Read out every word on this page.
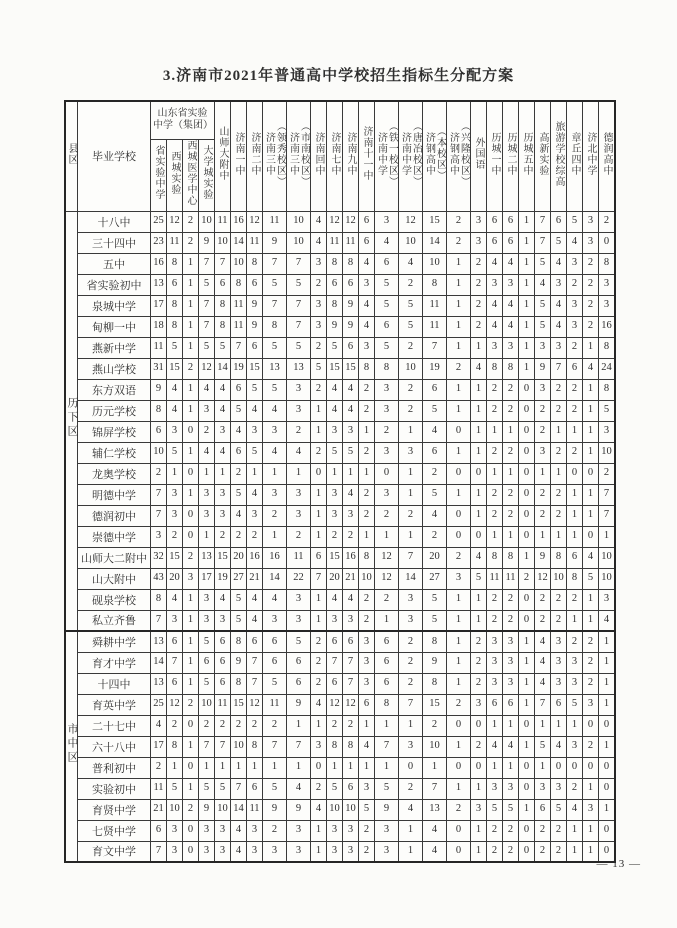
3.济南市2021年普通高中学校招生指标生分配方案
县区	毕业学校	山东省实验中学（集团）				山师大附中	济南一中	济南二中	济南三中 （领秀校区）	济南三中 （市南校区）	济南回中	济南七中	济南九中	济南十一中	济南中学 （铁一校区）	济南中学 （唐冶校区）	济钢高中 （本校区）	济钢高中 （兴隆校区）	外国语	历城一中	历城二中	历城五中	高新实验	旅游学校综高	章丘四中	济北中学	德润高中

		省实验中学	西城实验	西城医学中心	大学城实验																						

历下区	十八中	25	12	2	10	11	16	12	11	10	4	12	12	6	3	12	15	2	3	6	6	1	7	6	5	3	2
	三十四中	23	11	2	9	10	14	11	9	10	4	11	11	6	4	10	14	2	3	6	6	1	7	5	4	3	0
	五中	16	8	1	7	7	10	8	7	7	3	8	8	4	6	4	10	1	2	4	4	1	5	4	3	2	8
	省实验初中	13	6	1	5	6	8	6	5	5	2	6	6	3	5	2	8	1	2	3	3	1	4	3	2	2	3
	泉城中学	17	8	1	7	8	11	9	7	7	3	8	9	4	5	5	11	1	2	4	4	1	5	4	3	2	3
	甸柳一中	18	8	1	7	8	11	9	8	7	3	9	9	4	6	5	11	1	2	4	4	1	5	4	3	2	16
	燕新中学	11	5	1	5	5	7	6	5	5	2	5	6	3	5	2	7	1	1	3	3	1	3	3	2	1	8
	燕山学校	31	15	2	12	14	19	15	13	13	5	15	15	8	8	10	19	2	4	8	8	1	9	7	6	4	24
	东方双语	9	4	1	4	4	6	5	5	3	2	4	4	2	3	2	6	1	1	2	2	0	3	2	2	1	8
	历元学校	8	4	1	3	4	5	4	4	3	1	4	4	2	3	2	5	1	1	2	2	0	2	2	2	1	5
	锦屏学校	6	3	0	2	3	4	3	3	2	1	3	3	1	2	1	4	0	1	1	1	0	2	1	1	1	3
	辅仁学校	10	5	1	4	4	6	5	4	4	2	5	5	2	3	3	6	1	1	2	2	0	3	2	2	1	10
	龙奥学校	2	1	0	1	1	2	1	1	1	0	1	1	1	0	1	2	0	0	1	1	0	1	1	0	0	2
	明德中学	7	3	1	3	3	5	4	3	3	1	3	4	2	3	1	5	1	1	2	2	0	2	2	1	1	7
	德润初中	7	3	0	3	3	4	3	2	3	1	3	3	2	2	2	4	0	1	2	2	0	2	2	1	1	7
	崇德中学	3	2	0	1	2	2	2	1	2	1	2	2	1	1	1	2	0	0	1	1	0	1	1	1	0	1
	山师大二附中	32	15	2	13	15	20	16	16	11	6	15	16	8	12	7	20	2	4	8	8	1	9	8	6	4	10
	山大附中	43	20	3	17	19	27	21	14	22	7	20	21	10	12	14	27	3	5	11	11	2	12	10	8	5	10
	砚泉学校	8	4	1	3	4	5	4	4	3	1	4	4	2	2	3	5	1	1	2	2	0	2	2	2	1	3
	私立齐鲁	7	3	1	3	3	5	4	3	3	1	3	3	2	1	3	5	1	1	2	2	0	2	2	1	1	4

市中区	舜耕中学	13	6	1	5	6	8	6	6	5	2	6	6	3	6	2	8	1	2	3	3	1	4	3	2	2	1
	育才中学	14	7	1	6	6	9	7	6	6	2	7	7	3	6	2	9	1	2	3	3	1	4	3	3	2	1
	十四中	13	6	1	5	6	8	7	5	6	2	6	7	3	6	2	8	1	2	3	3	1	4	3	3	2	1
	育英中学	25	12	2	10	11	15	12	11	9	4	12	12	6	8	7	15	2	3	6	6	1	7	6	5	3	1
	二十七中	4	2	0	2	2	2	2	2	1	1	2	2	1	1	1	2	0	0	1	1	0	1	1	1	0	0
	六十八中	17	8	1	7	7	10	8	7	7	3	8	8	4	7	3	10	1	2	4	4	1	5	4	3	2	1
	普利初中	2	1	0	1	1	1	1	1	1	0	1	1	1	1	0	1	0	0	1	1	0	1	0	0	0	0
	实验初中	11	5	1	5	5	7	6	5	4	2	5	6	3	5	2	7	1	1	3	3	0	3	3	2	1	0
	育贤中学	21	10	2	9	10	14	11	9	9	4	10	10	5	9	4	13	2	3	5	5	1	6	5	4	3	1
	七贤中学	6	3	0	3	3	4	3	2	3	1	3	3	2	3	1	4	0	1	2	2	0	2	2	1	1	0
	育文中学	7	3	0	3	3	4	3	3	3	1	3	3	2	3	1	4	0	1	2	2	0	2	2	1	1	0
— 13 —
